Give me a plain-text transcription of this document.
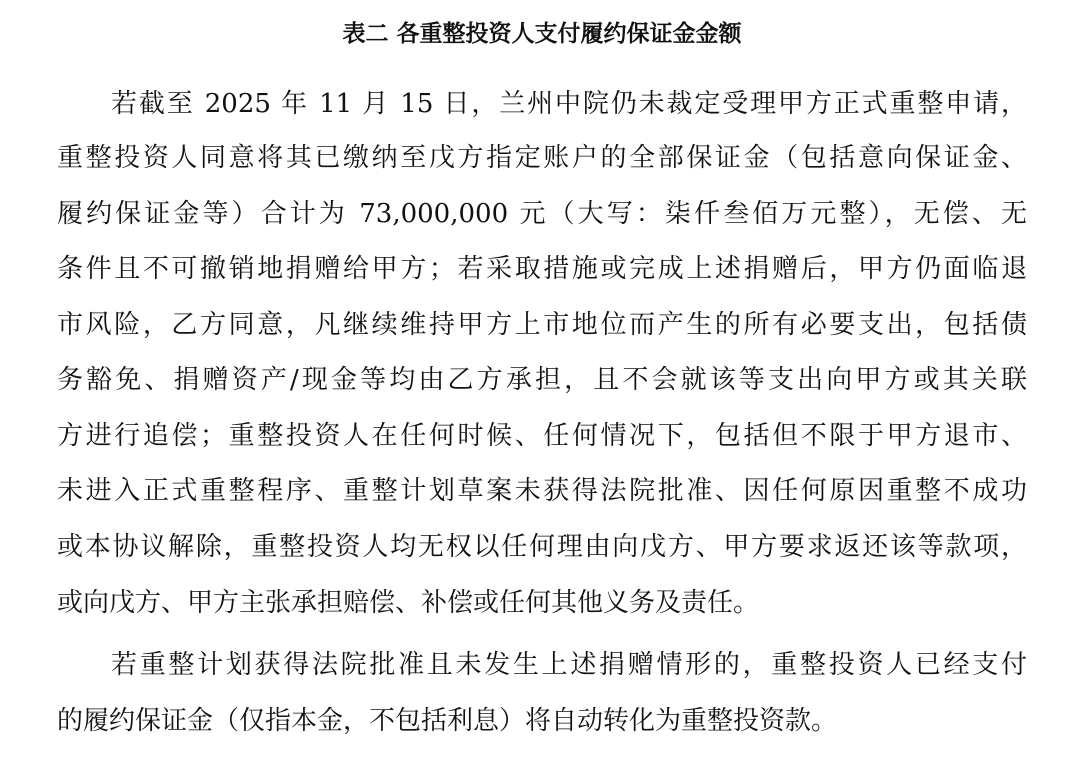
表二 各重整投资人支付履约保证金金额
若截至 2025 年 11 月 15 日，兰州中院仍未裁定受理甲方正式重整申请，
重整投资人同意将其已缴纳至戊方指定账户的全部保证金（包括意向保证金、
履约保证金等）合计为 73,000,000 元（大写：柒仟叁佰万元整），无偿、无
条件且不可撤销地捐赠给甲方；若采取措施或完成上述捐赠后，甲方仍面临退
市风险，乙方同意，凡继续维持甲方上市地位而产生的所有必要支出，包括债
务豁免、捐赠资产/现金等均由乙方承担，且不会就该等支出向甲方或其关联
方进行追偿；重整投资人在任何时候、任何情况下，包括但不限于甲方退市、
未进入正式重整程序、重整计划草案未获得法院批准、因任何原因重整不成功
或本协议解除，重整投资人均无权以任何理由向戊方、甲方要求返还该等款项，
或向戊方、甲方主张承担赔偿、补偿或任何其他义务及责任。
若重整计划获得法院批准且未发生上述捐赠情形的，重整投资人已经支付
的履约保证金（仅指本金，不包括利息）将自动转化为重整投资款。
